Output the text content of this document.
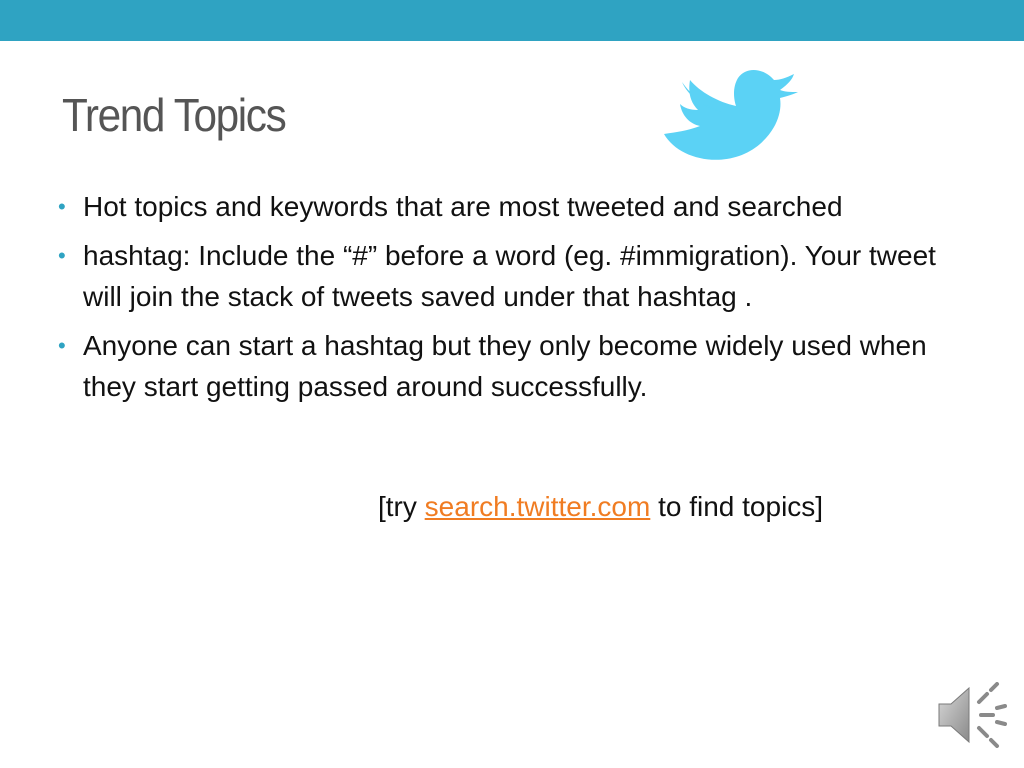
Trend Topics
• Hot topics and keywords that are most tweeted and searched
• hashtag: Include the “#” before a word (eg. #immigration). Your tweet will join the stack of tweets saved under that hashtag .
• Anyone can start a hashtag but they only become widely used when they start getting passed around successfully.
[try search.twitter.com to find topics]
